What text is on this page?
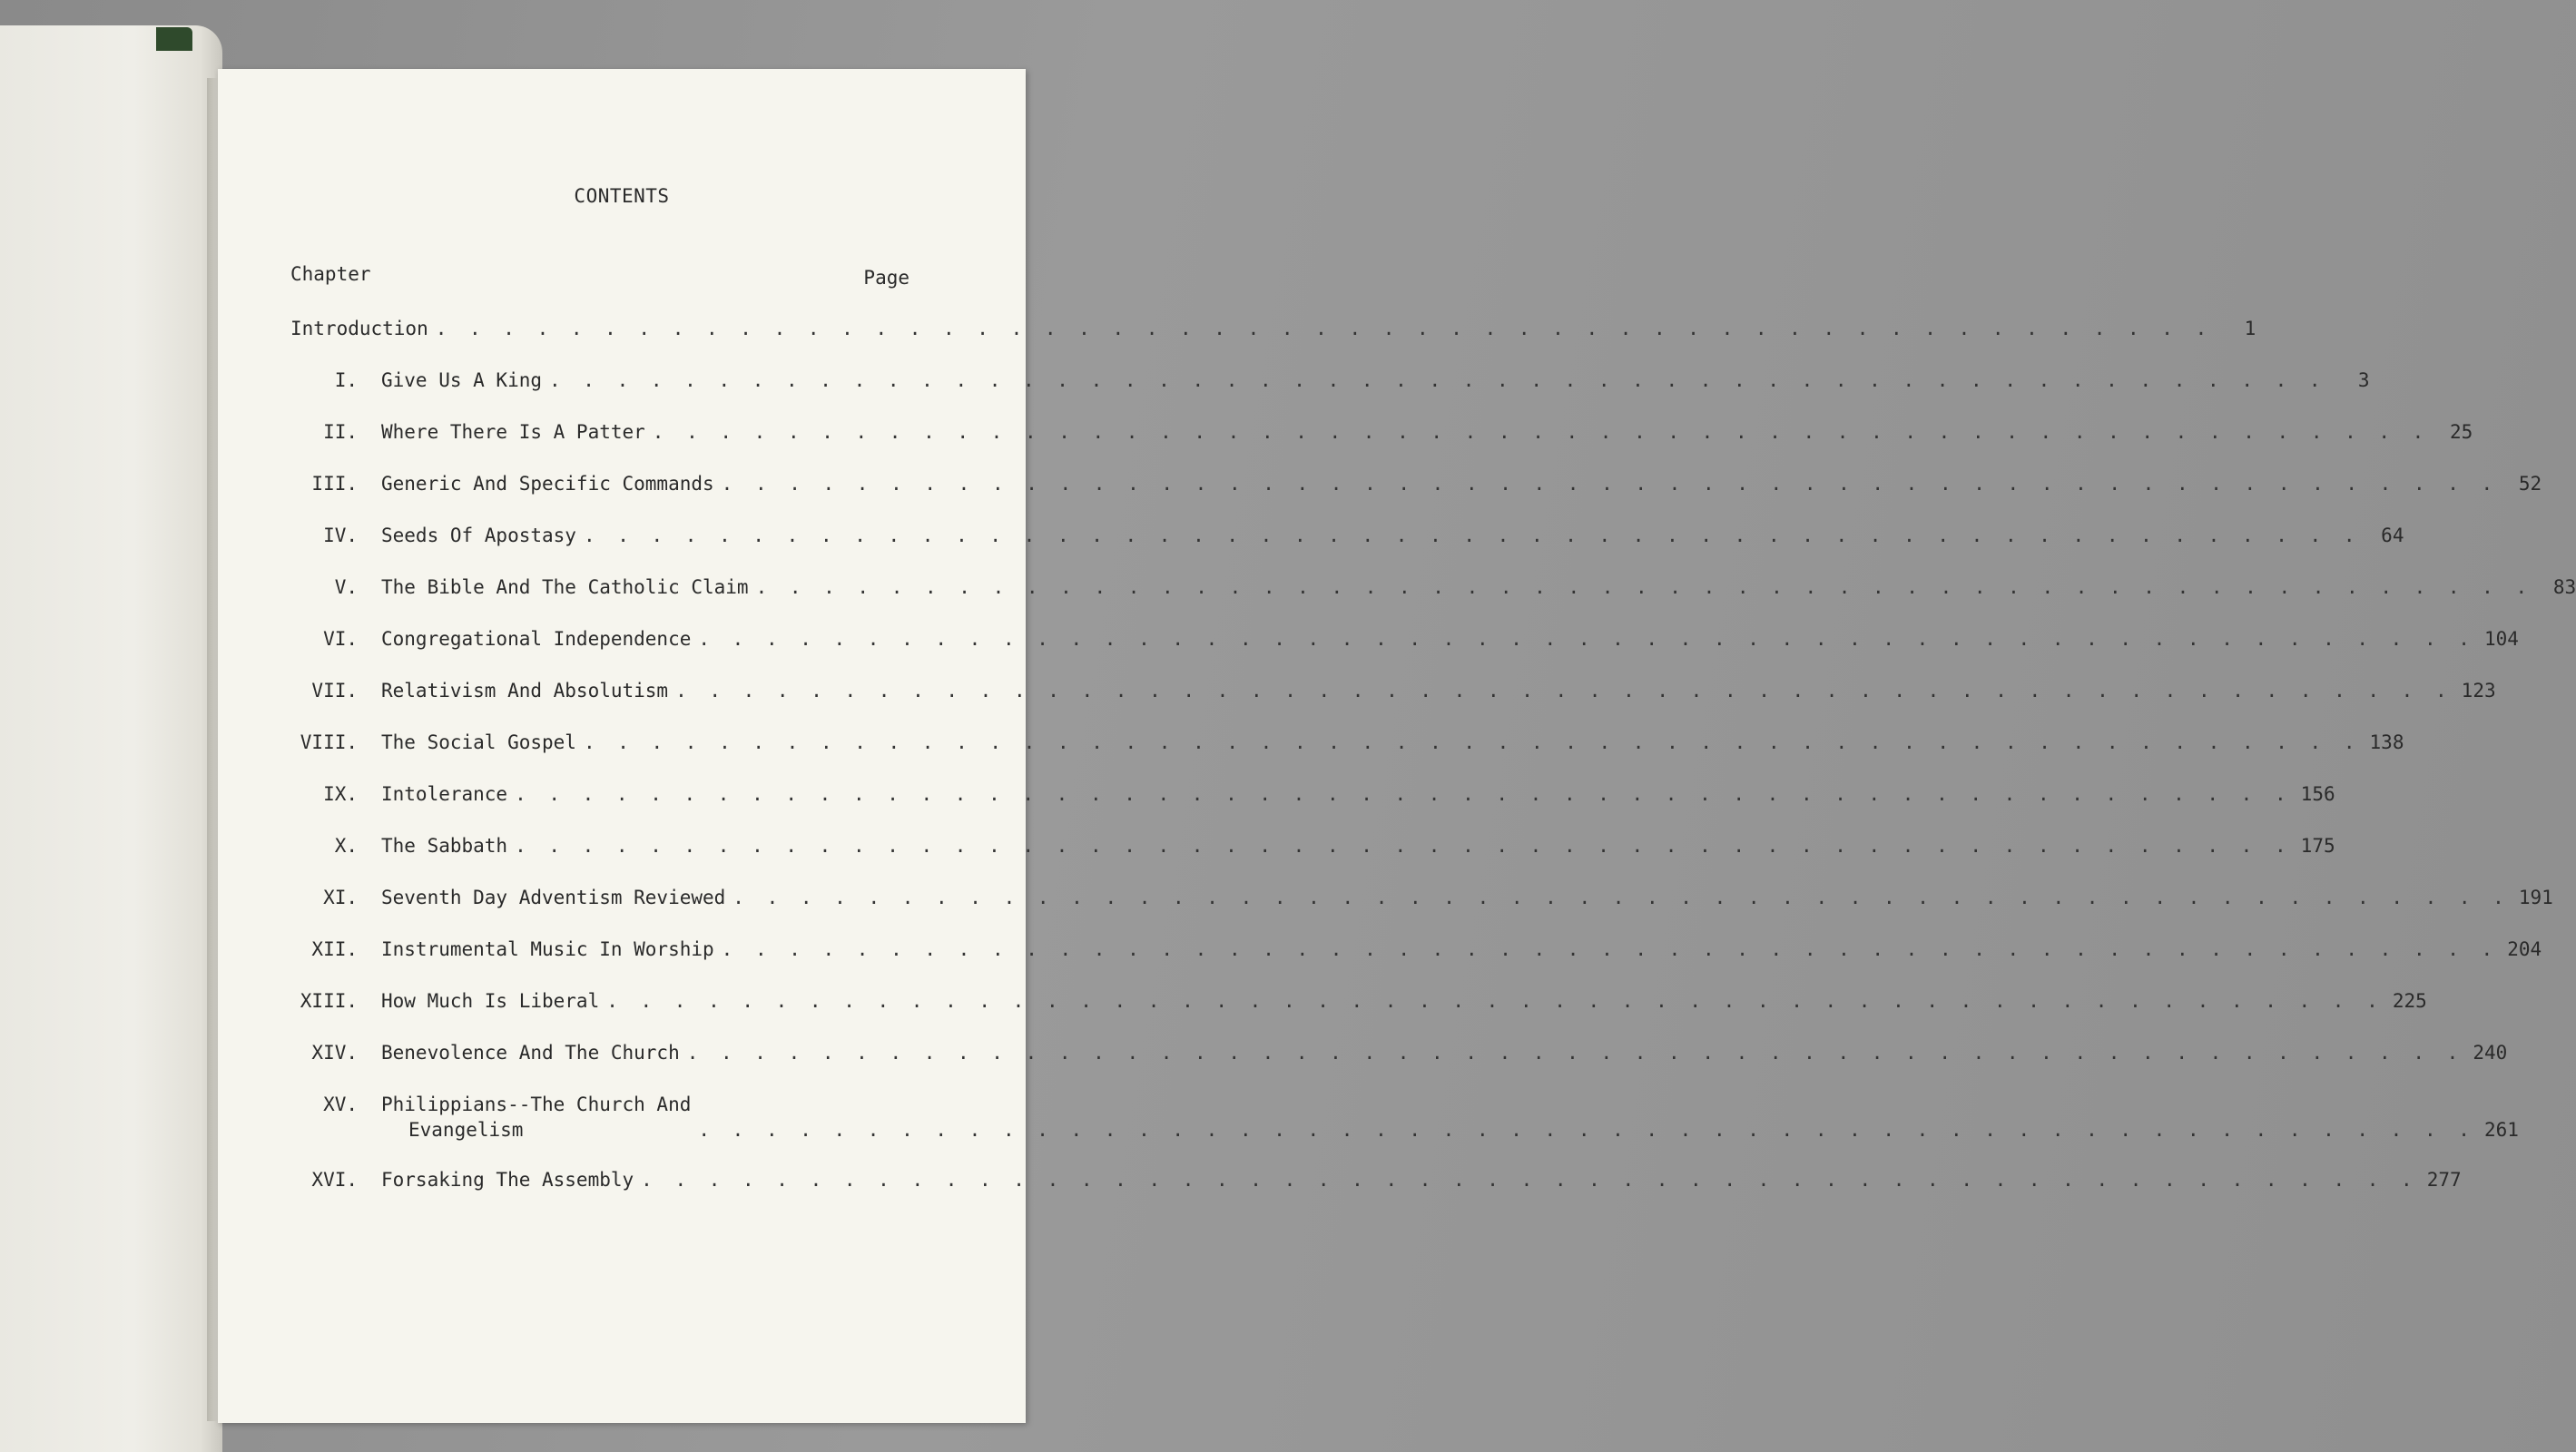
CONTENTS
Chapter	Page
Introduction . . .	1
I.	Give Us A King . . .	3
II.	Where There Is A Patter . . .	25
III.	Generic And Specific Commands . . .	52
IV.	Seeds Of Apostasy . . .	64
V.	The Bible And The Catholic Claim . . .	83
VI.	Congregational Independence . . .	104
VII.	Relativism And Absolutism . . .	123
VIII.	The Social Gospel . . .	138
IX.	Intolerance . . .	156
X.	The Sabbath . . .	175
XI.	Seventh Day Adventism Reviewed . . .	191
XII.	Instrumental Music In Worship . . .	204
XIII.	How Much Is Liberal . . .	225
XIV.	Benevolence And The Church . . .	240
XV.	Philippians--The Church And
Evangelism . . .	261
XVI.	Forsaking The Assembly . . .	277
